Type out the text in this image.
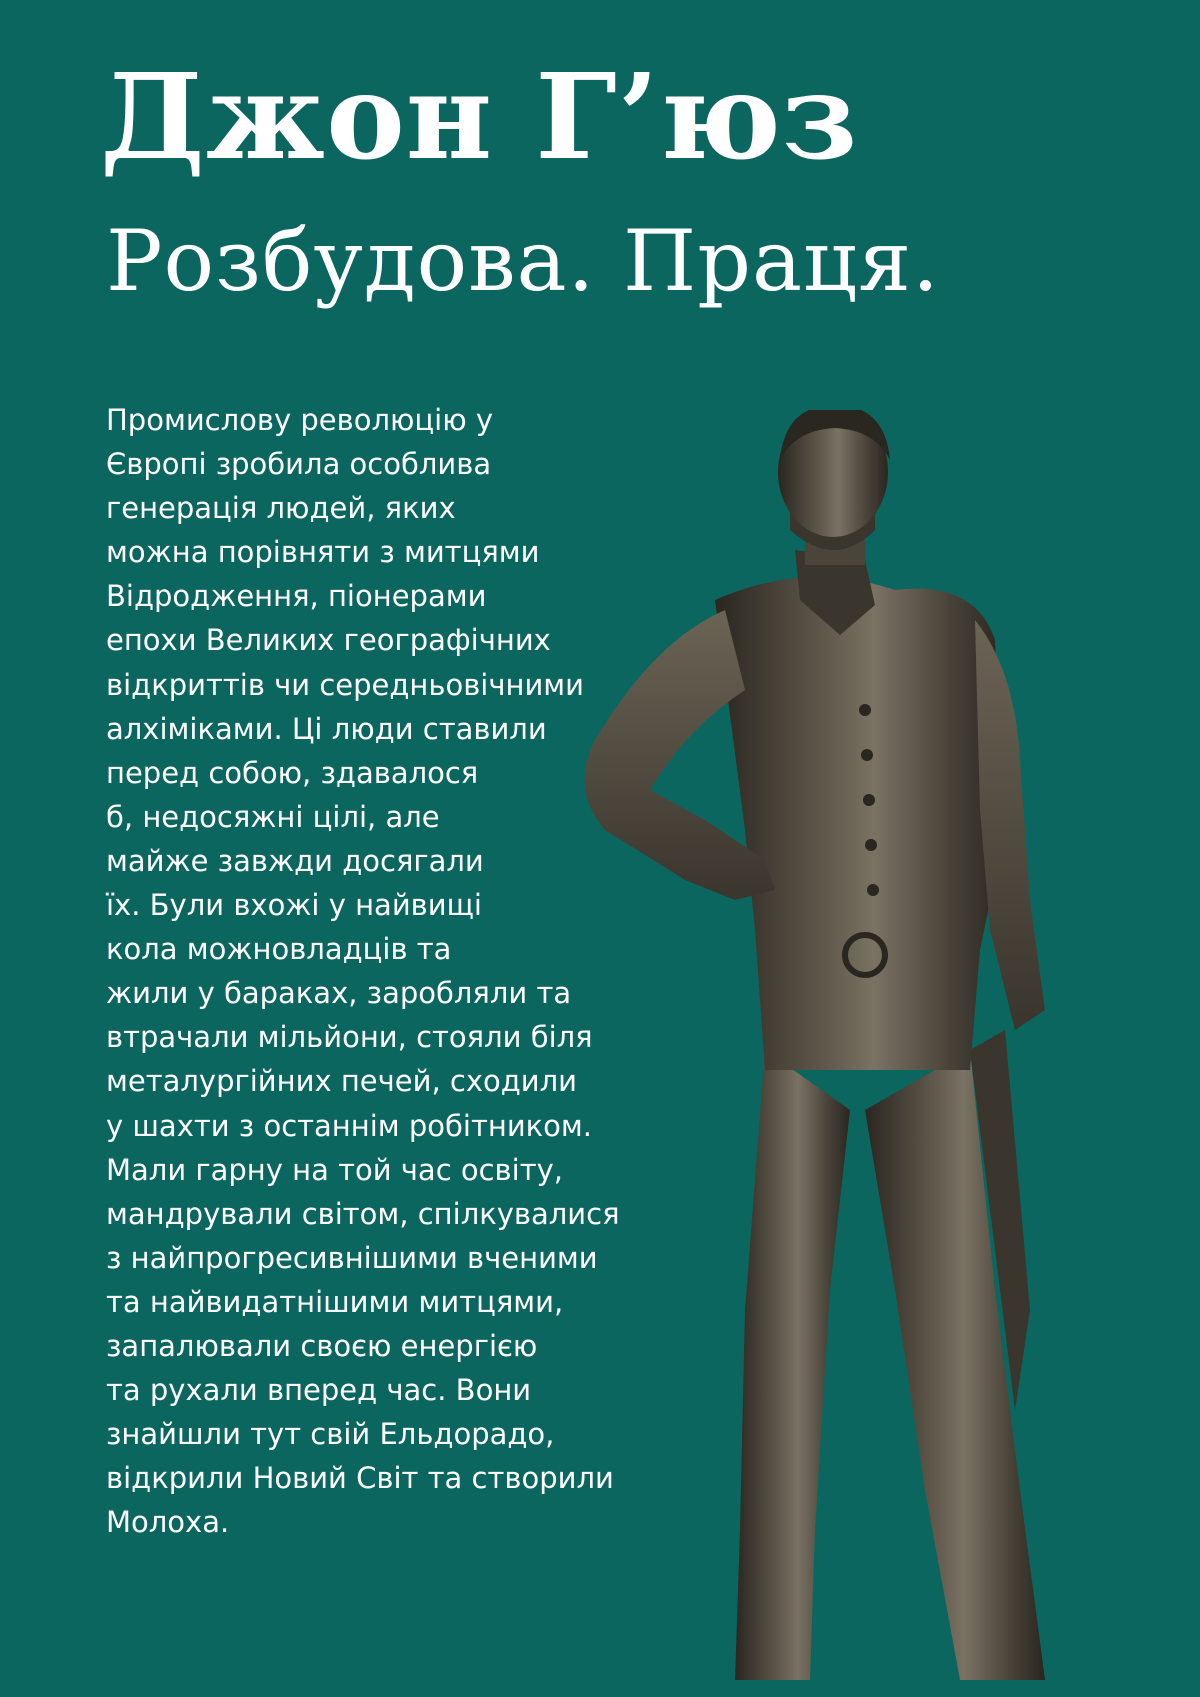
Джон Г’юз
Розбудова. Праця.

Промислову революцію у
Європі зробила особлива
генерація людей, яких
можна порівняти з митцями
Відродження, піонерами
епохи Великих географічних
відкриттів чи середньовічними
алхіміками. Ці люди ставили
перед собою, здавалося
б, недосяжні цілі, але
майже завжди досягали
їх. Були вхожі у найвищі
кола можновладців та
жили у бараках, заробляли та
втрачали мільйони, стояли біля
металургійних печей, сходили
у шахти з останнім робітником.
Мали гарну на той час освіту,
мандрували світом, спілкувалися
з найпрогресивнішими вченими
та найвидатнішими митцями,
запалювали своєю енергією
та рухали вперед час. Вони
знайшли тут свій Ельдорадо,
відкрили Новий Світ та створили
Молоха.
